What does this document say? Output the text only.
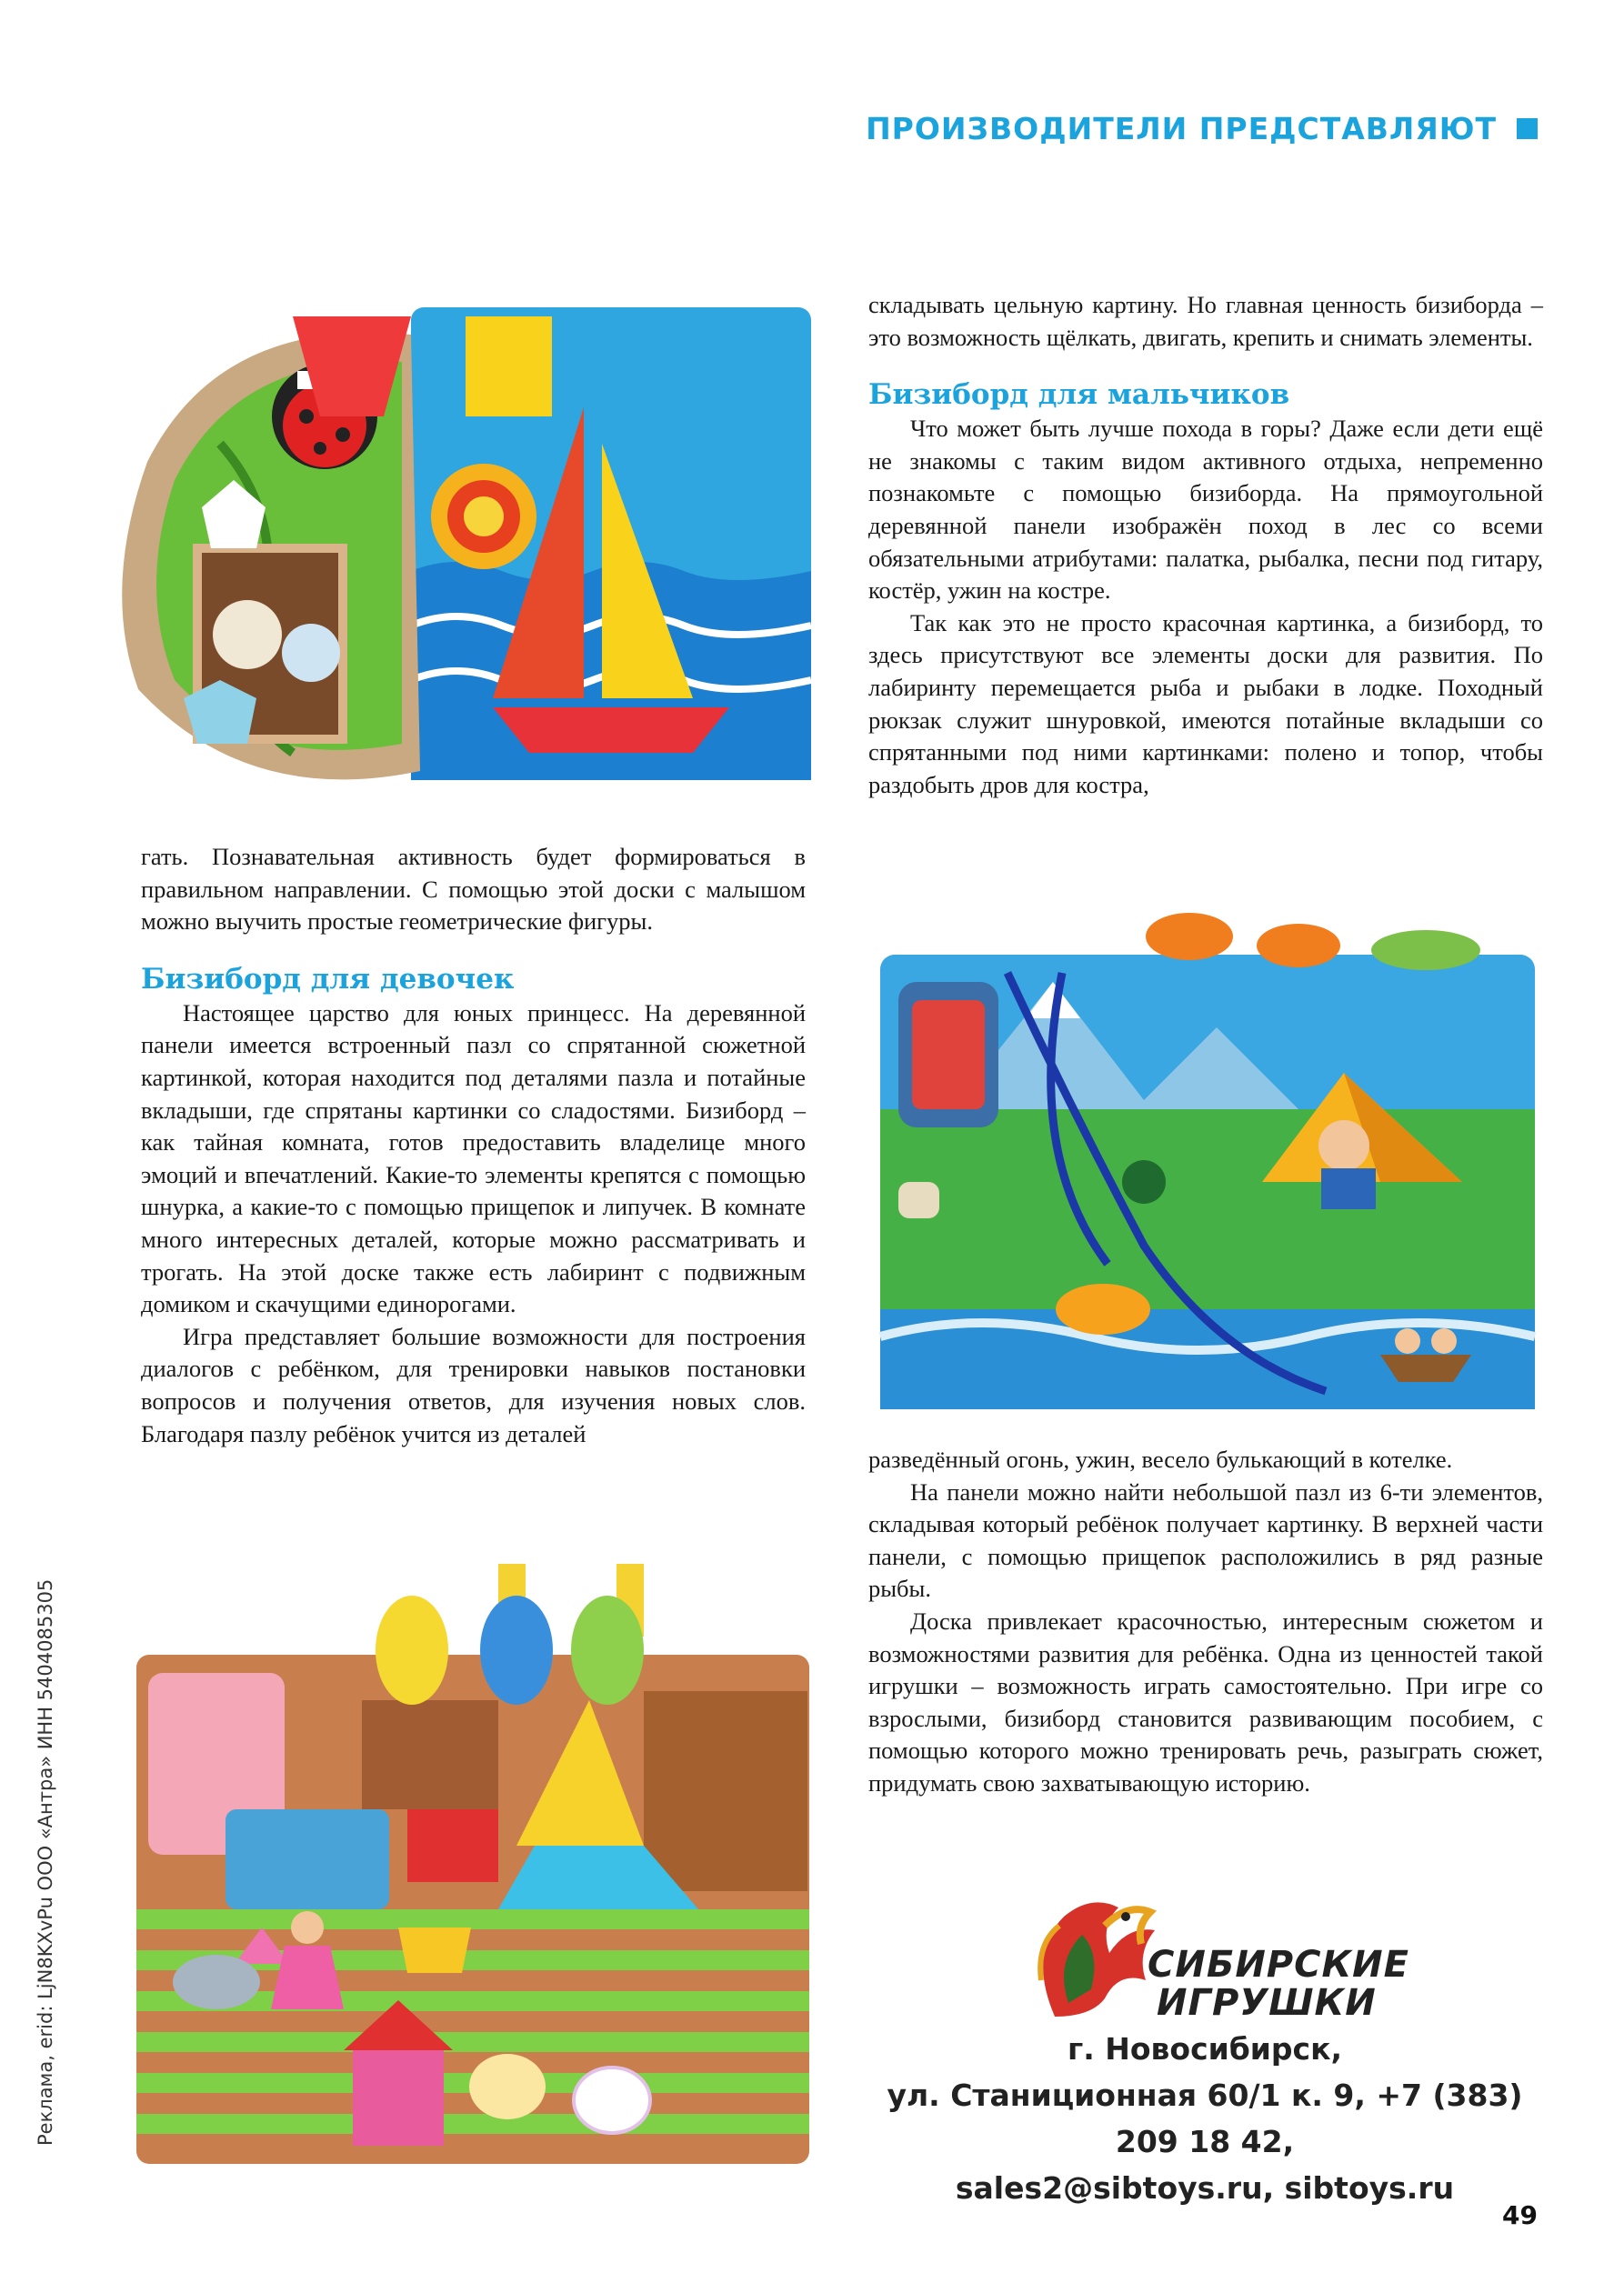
ПРОИЗВОДИТЕЛИ ПРЕДСТАВЛЯЮТ

складывать цельную картину. Но главная ценность бизиборда – это возможность щёлкать, двигать, крепить и снимать элементы.

Бизиборд для мальчиков

Что может быть лучше похода в горы? Даже если дети ещё не знакомы с таким видом активного отдыха, непременно познакомьте с помощью бизиборда. На прямоугольной деревянной панели изображён поход в лес со всеми обязательными атрибутами: палатка, рыбалка, песни под гитару, костёр, ужин на костре.

Так как это не просто красочная картинка, а бизиборд, то здесь присутствуют все элементы доски для развития. По лабиринту перемещается рыба и рыбаки в лодке. Походный рюкзак служит шнуровкой, имеются потайные вкладыши со спрятанными под ними картинками: полено и топор, чтобы раздобыть дров для костра,

гать. Познавательная активность будет формироваться в правильном направлении. С помощью этой доски с малышом можно выучить простые геометрические фигуры.

Бизиборд для девочек

Настоящее царство для юных принцесс. На деревянной панели имеется встроенный пазл со спрятанной сюжетной картинкой, которая находится под деталями пазла и потайные вкладыши, где спрятаны картинки со сладостями. Бизиборд – как тайная комната, готов предоставить владелице много эмоций и впечатлений. Какие-то элементы крепятся с помощью шнурка, а какие-то с помощью прищепок и липучек. В комнате много интересных деталей, которые можно рассматривать и трогать. На этой доске также есть лабиринт с подвижным домиком и скачущими единорогами.

Игра представляет большие возможности для построения диалогов с ребёнком, для тренировки навыков постановки вопросов и получения ответов, для изучения новых слов. Благодаря пазлу ребёнок учится из деталей

разведённый огонь, ужин, весело булькающий в котелке.

На панели можно найти небольшой пазл из 6-ти элементов, складывая который ребёнок получает картинку. В верхней части панели, с помощью прищепок расположились в ряд разные рыбы.

Доска привлекает красочностью, интересным сюжетом и возможностями развития для ребёнка. Одна из ценностей такой игрушки – возможность играть самостоятельно. При игре со взрослыми, бизиборд становится развивающим пособием, с помощью которого можно тренировать речь, разыграть сюжет, придумать свою захватывающую историю.

Реклама, erid: LjN8KXvPu ООО «Антра» ИНН 5404085305	СИБИРСКИЕ
ИГРУШКИ
г. Новосибирск,
ул. Станиционная 60/1 к. 9, +7 (383) 209 18 42,
sales2@sibtoys.ru, sibtoys.ru
49
